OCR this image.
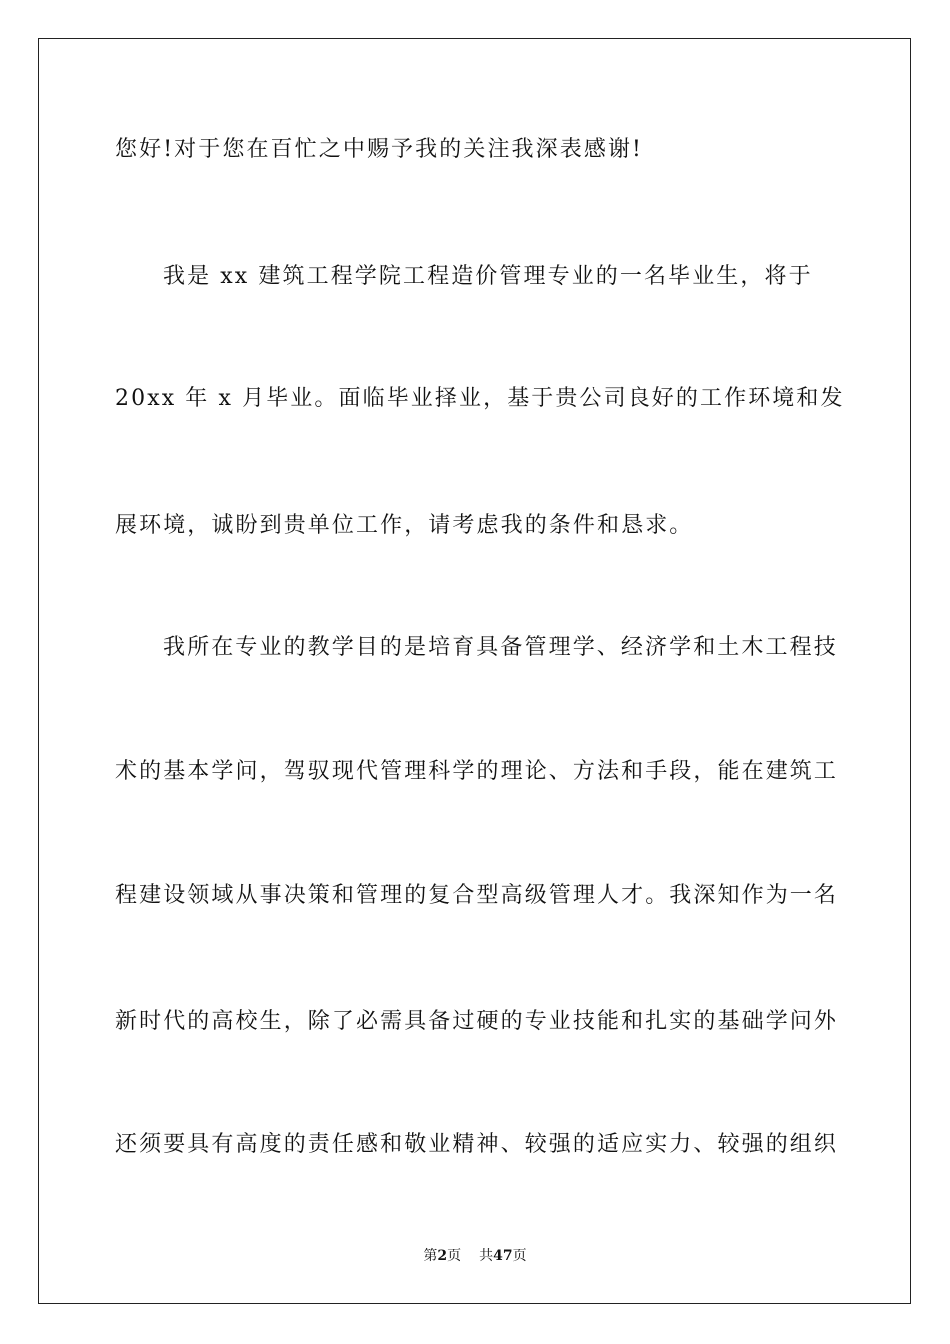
您好!对于您在百忙之中赐予我的关注我深表感谢!
我是 xx 建筑工程学院工程造价管理专业的一名毕业生，将于
20xx 年 x 月毕业。面临毕业择业，基于贵公司良好的工作环境和发
展环境，诚盼到贵单位工作，请考虑我的条件和恳求。
我所在专业的教学目的是培育具备管理学、经济学和土木工程技
术的基本学问，驾驭现代管理科学的理论、方法和手段，能在建筑工
程建设领域从事决策和管理的复合型高级管理人才。我深知作为一名
新时代的高校生，除了必需具备过硬的专业技能和扎实的基础学问外
还须要具有高度的责任感和敬业精神、较强的适应实力、较强的组织
第2页 共47页
